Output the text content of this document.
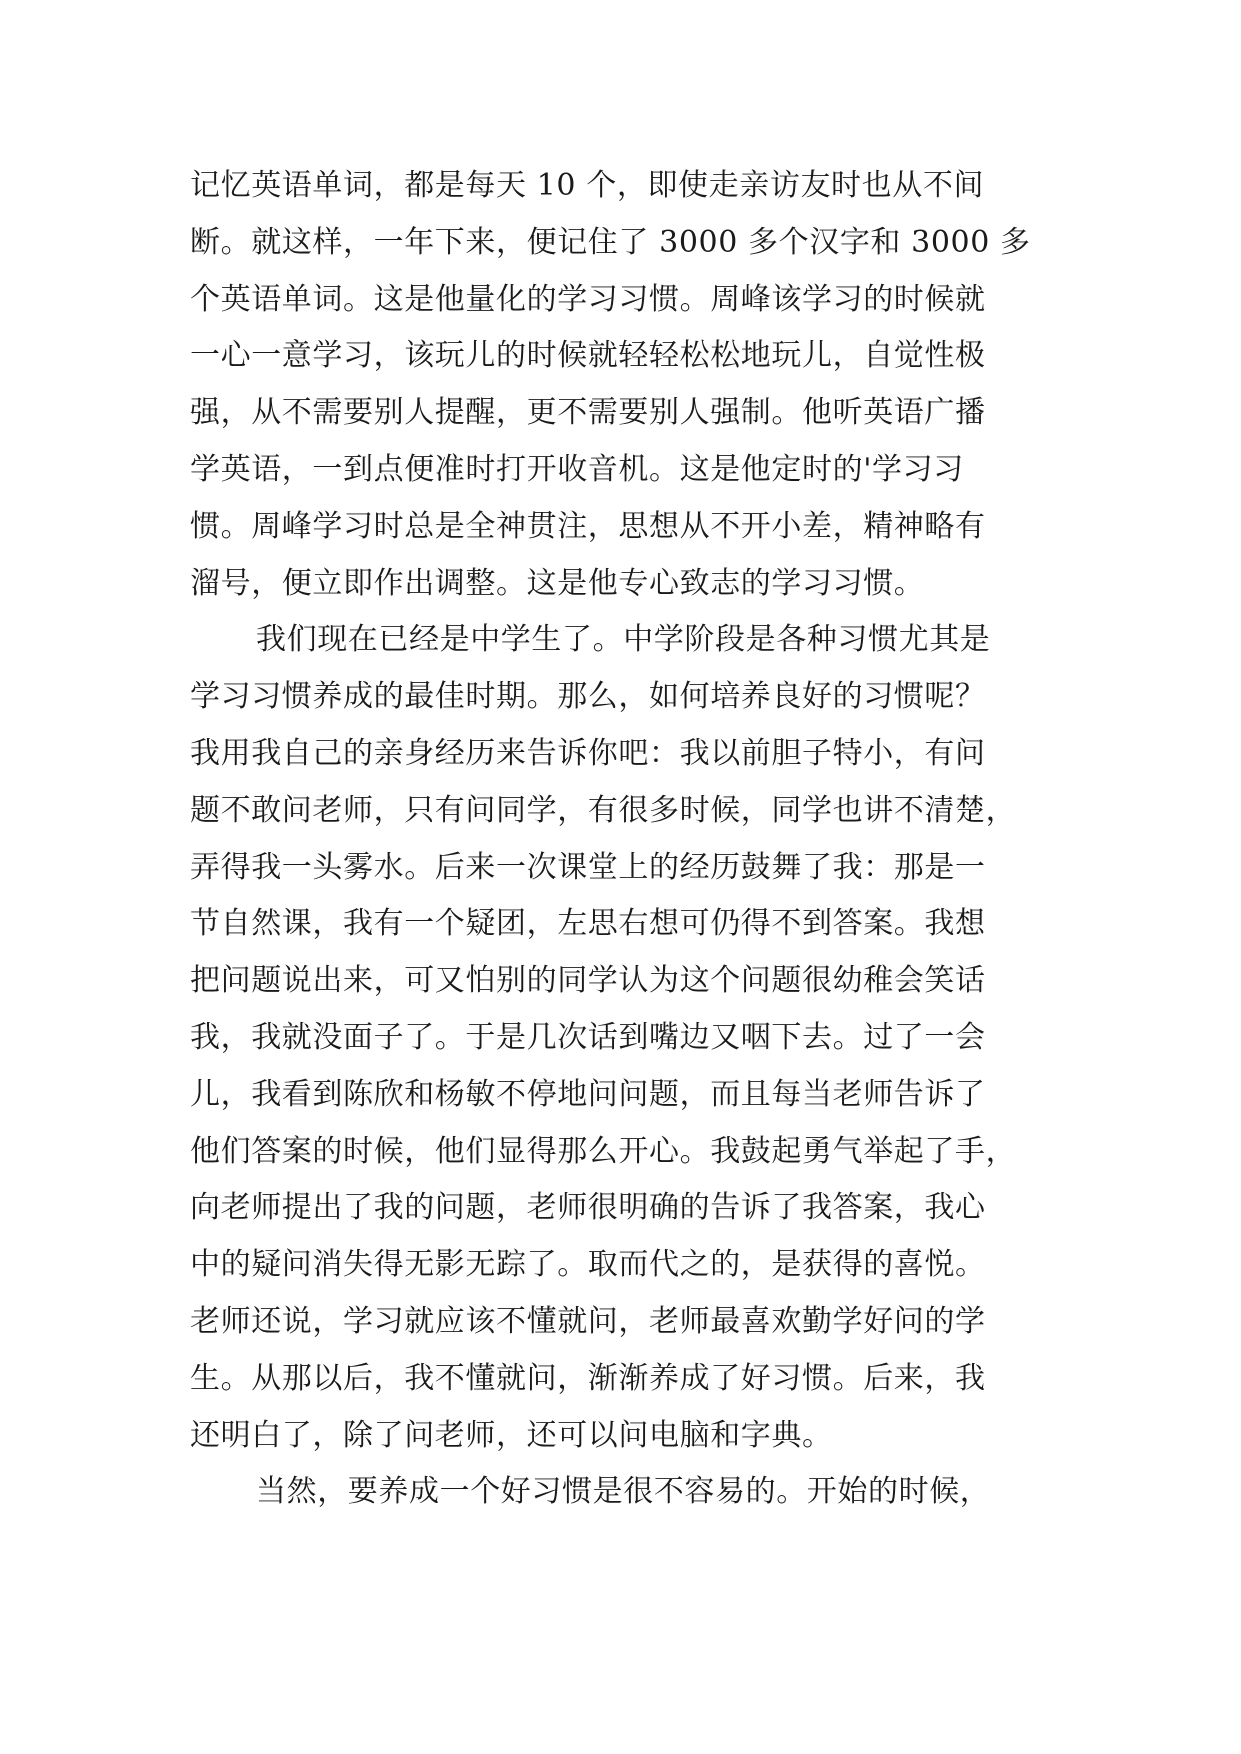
记忆英语单词，都是每天 10 个，即使走亲访友时也从不间
断。就这样，一年下来，便记住了 3000 多个汉字和 3000 多
个英语单词。这是他量化的学习习惯。周峰该学习的时候就
一心一意学习，该玩儿的时候就轻轻松松地玩儿，自觉性极
强，从不需要别人提醒，更不需要别人强制。他听英语广播
学英语，一到点便准时打开收音机。这是他定时的'学习习
惯。周峰学习时总是全神贯注，思想从不开小差，精神略有
溜号，便立即作出调整。这是他专心致志的学习习惯。
我们现在已经是中学生了。中学阶段是各种习惯尤其是
学习习惯养成的最佳时期。那么，如何培养良好的习惯呢？
我用我自己的亲身经历来告诉你吧：我以前胆子特小，有问
题不敢问老师，只有问同学，有很多时候，同学也讲不清楚，
弄得我一头雾水。后来一次课堂上的经历鼓舞了我：那是一
节自然课，我有一个疑团，左思右想可仍得不到答案。我想
把问题说出来，可又怕别的同学认为这个问题很幼稚会笑话
我，我就没面子了。于是几次话到嘴边又咽下去。过了一会
儿，我看到陈欣和杨敏不停地问问题，而且每当老师告诉了
他们答案的时候，他们显得那么开心。我鼓起勇气举起了手，
向老师提出了我的问题，老师很明确的告诉了我答案，我心
中的疑问消失得无影无踪了。取而代之的，是获得的喜悦。
老师还说，学习就应该不懂就问，老师最喜欢勤学好问的学
生。从那以后，我不懂就问，渐渐养成了好习惯。后来，我
还明白了，除了问老师，还可以问电脑和字典。
当然，要养成一个好习惯是很不容易的。开始的时候，
